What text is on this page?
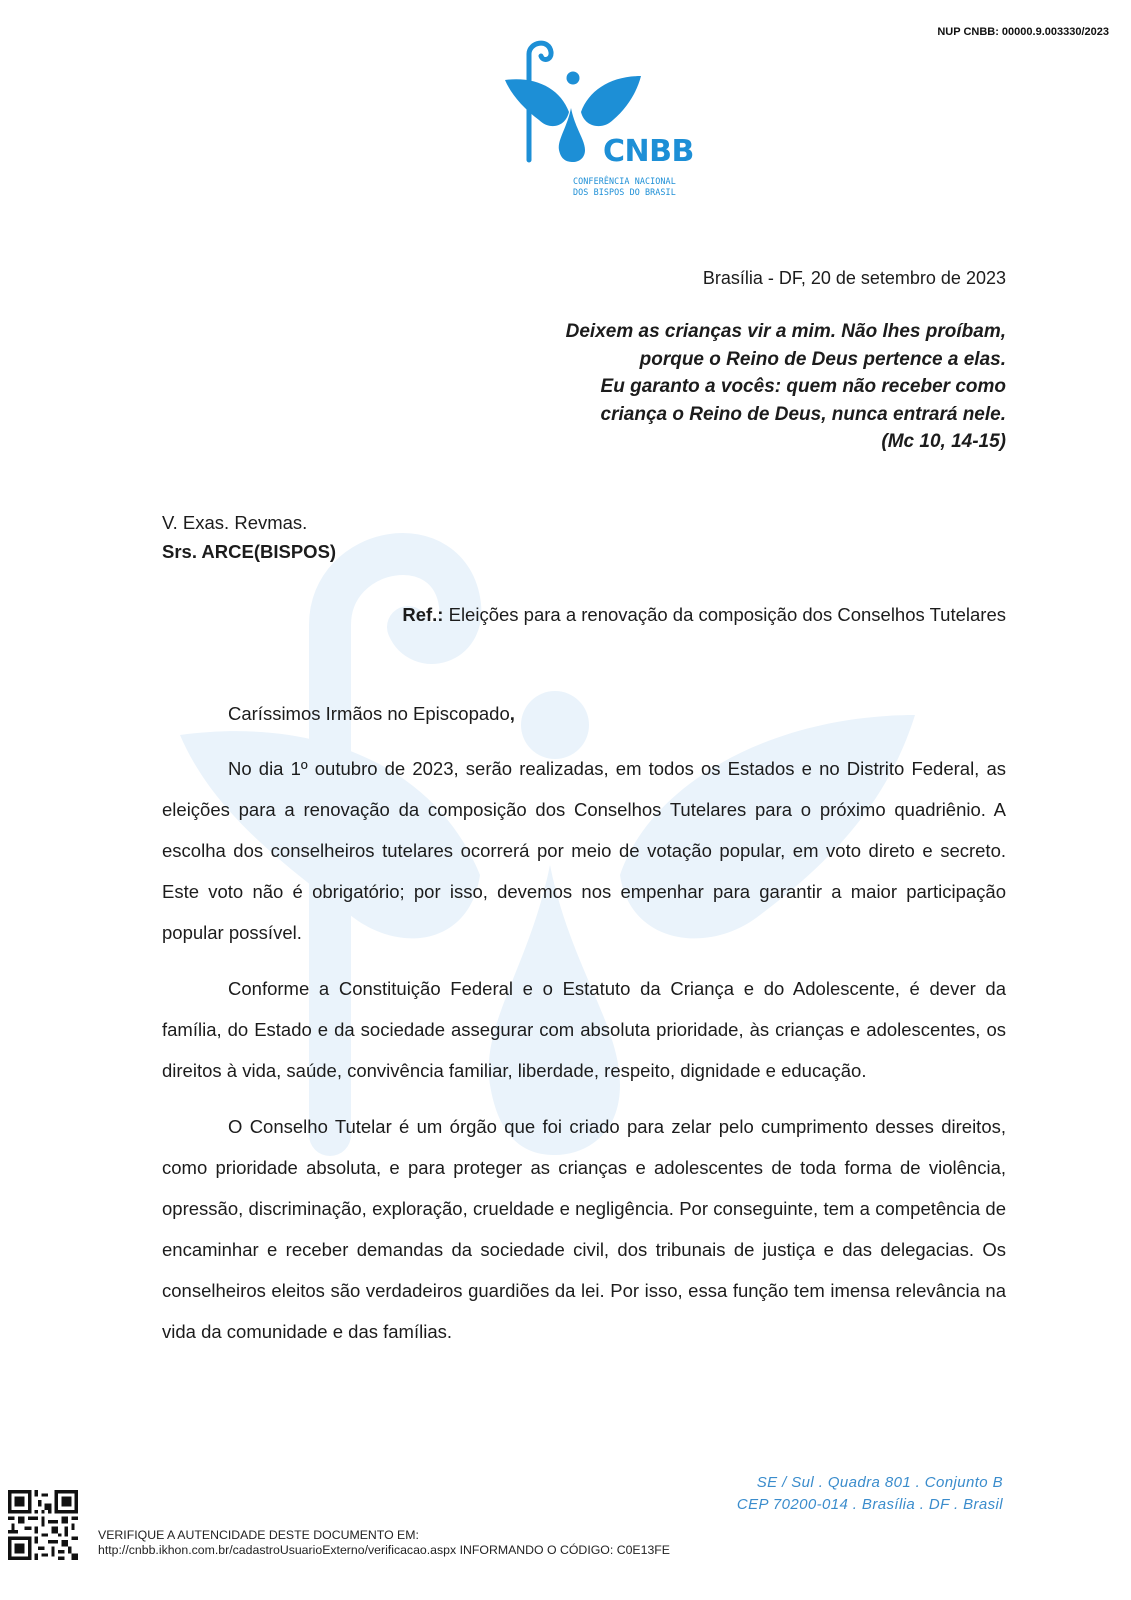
NUP CNBB: 00000.9.003330/2023
CNBB
CONFERÊNCIA NACIONAL
DOS BISPOS DO BRASIL
Brasília - DF, 20 de setembro de 2023
Deixem as crianças vir a mim. Não lhes proíbam,
porque o Reino de Deus pertence a elas.
Eu garanto a vocês: quem não receber como
criança o Reino de Deus, nunca entrará nele.
(Mc 10, 14-15)
V. Exas. Revmas.
Srs. ARCE(BISPOS)
Ref.: Eleições para a renovação da composição dos Conselhos Tutelares
Caríssimos Irmãos no Episcopado,

No dia 1º outubro de 2023, serão realizadas, em todos os Estados e no Distrito Federal, as eleições para a renovação da composição dos Conselhos Tutelares para o próximo quadriênio. A escolha dos conselheiros tutelares ocorrerá por meio de votação popular, em voto direto e secreto. Este voto não é obrigatório; por isso, devemos nos empenhar para garantir a maior participação popular possível.

Conforme a Constituição Federal e o Estatuto da Criança e do Adolescente, é dever da família, do Estado e da sociedade assegurar com absoluta prioridade, às crianças e adolescentes, os direitos à vida, saúde, convivência familiar, liberdade, respeito, dignidade e educação.

O Conselho Tutelar é um órgão que foi criado para zelar pelo cumprimento desses direitos, como prioridade absoluta, e para proteger as crianças e adolescentes de toda forma de violência, opressão, discriminação, exploração, crueldade e negligência. Por conseguinte, tem a competência de encaminhar e receber demandas da sociedade civil, dos tribunais de justiça e das delegacias. Os conselheiros eleitos são verdadeiros guardiões da lei. Por isso, essa função tem imensa relevância na vida da comunidade e das famílias.

SE / Sul . Quadra 801 . Conjunto B
CEP 70200-014 . Brasília . DF . Brasil
VERIFIQUE A AUTENCIDADE DESTE DOCUMENTO EM:
http://cnbb.ikhon.com.br/cadastroUsuarioExterno/verificacao.aspx INFORMANDO O CÓDIGO: C0E13FE
